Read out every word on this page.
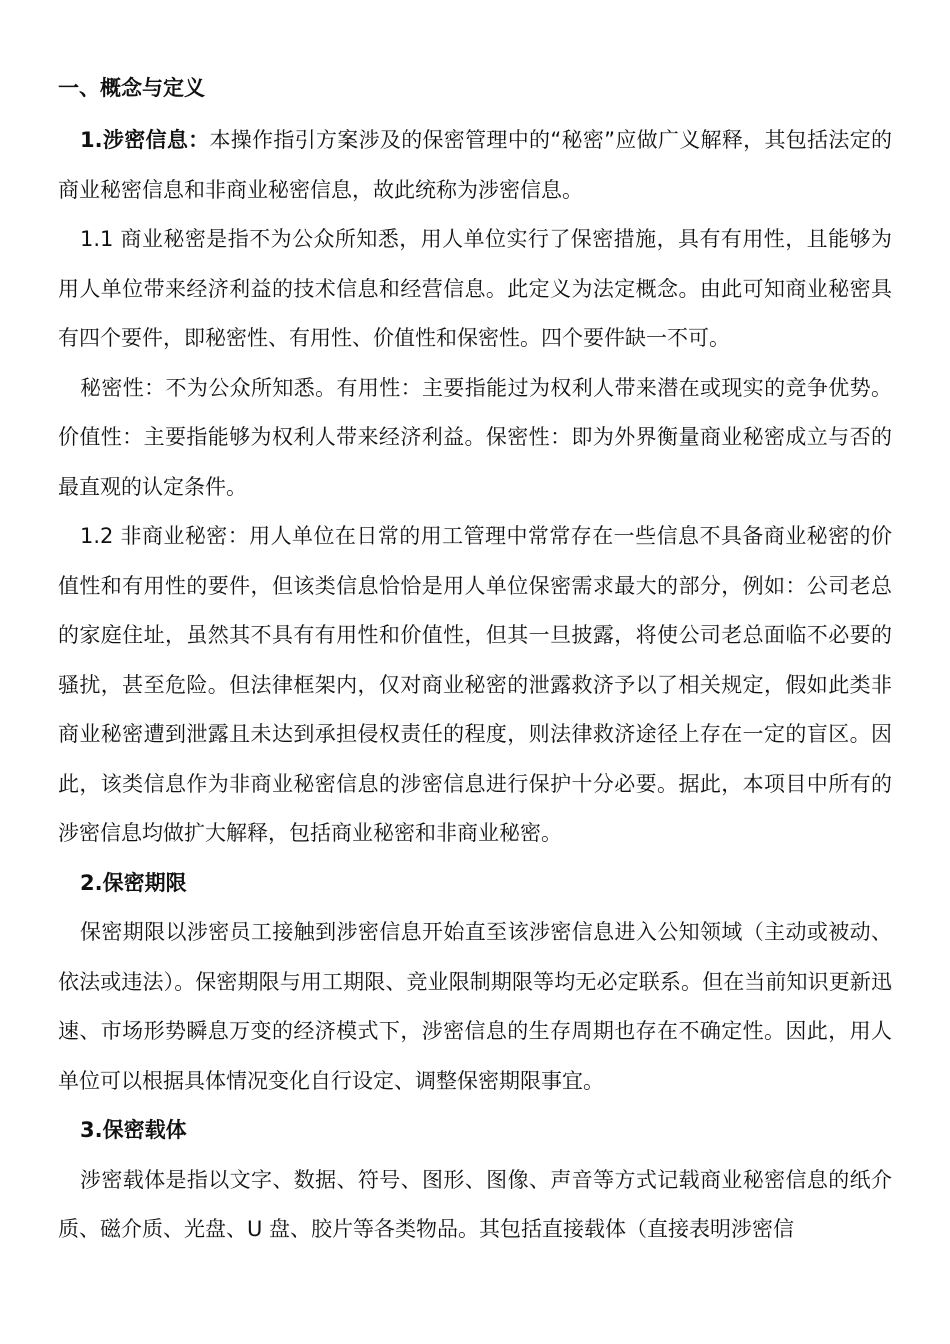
一、概念与定义

1.涉密信息：本操作指引方案涉及的保密管理中的“秘密”应做广义解释，其包括法定的商业秘密信息和非商业秘密信息，故此统称为涉密信息。

1.1 商业秘密是指不为公众所知悉，用人单位实行了保密措施，具有有用性，且能够为用人单位带来经济利益的技术信息和经营信息。此定义为法定概念。由此可知商业秘密具有四个要件，即秘密性、有用性、价值性和保密性。四个要件缺一不可。

秘密性：不为公众所知悉。有用性：主要指能过为权利人带来潜在或现实的竞争优势。价值性：主要指能够为权利人带来经济利益。保密性：即为外界衡量商业秘密成立与否的最直观的认定条件。

1.2 非商业秘密：用人单位在日常的用工管理中常常存在一些信息不具备商业秘密的价值性和有用性的要件，但该类信息恰恰是用人单位保密需求最大的部分，例如：公司老总的家庭住址，虽然其不具有有用性和价值性，但其一旦披露，将使公司老总面临不必要的骚扰，甚至危险。但法律框架内，仅对商业秘密的泄露救济予以了相关规定，假如此类非商业秘密遭到泄露且未达到承担侵权责任的程度，则法律救济途径上存在一定的盲区。因此，该类信息作为非商业秘密信息的涉密信息进行保护十分必要。据此，本项目中所有的涉密信息均做扩大解释，包括商业秘密和非商业秘密。

2.保密期限

保密期限以涉密员工接触到涉密信息开始直至该涉密信息进入公知领域（主动或被动、依法或违法）。保密期限与用工期限、竞业限制期限等均无必定联系。但在当前知识更新迅速、市场形势瞬息万变的经济模式下，涉密信息的生存周期也存在不确定性。因此，用人单位可以根据具体情况变化自行设定、调整保密期限事宜。

3.保密载体

涉密载体是指以文字、数据、符号、图形、图像、声音等方式记载商业秘密信息的纸介质、磁介质、光盘、U 盘、胶片等各类物品。其包括直接载体（直接表明涉密信
